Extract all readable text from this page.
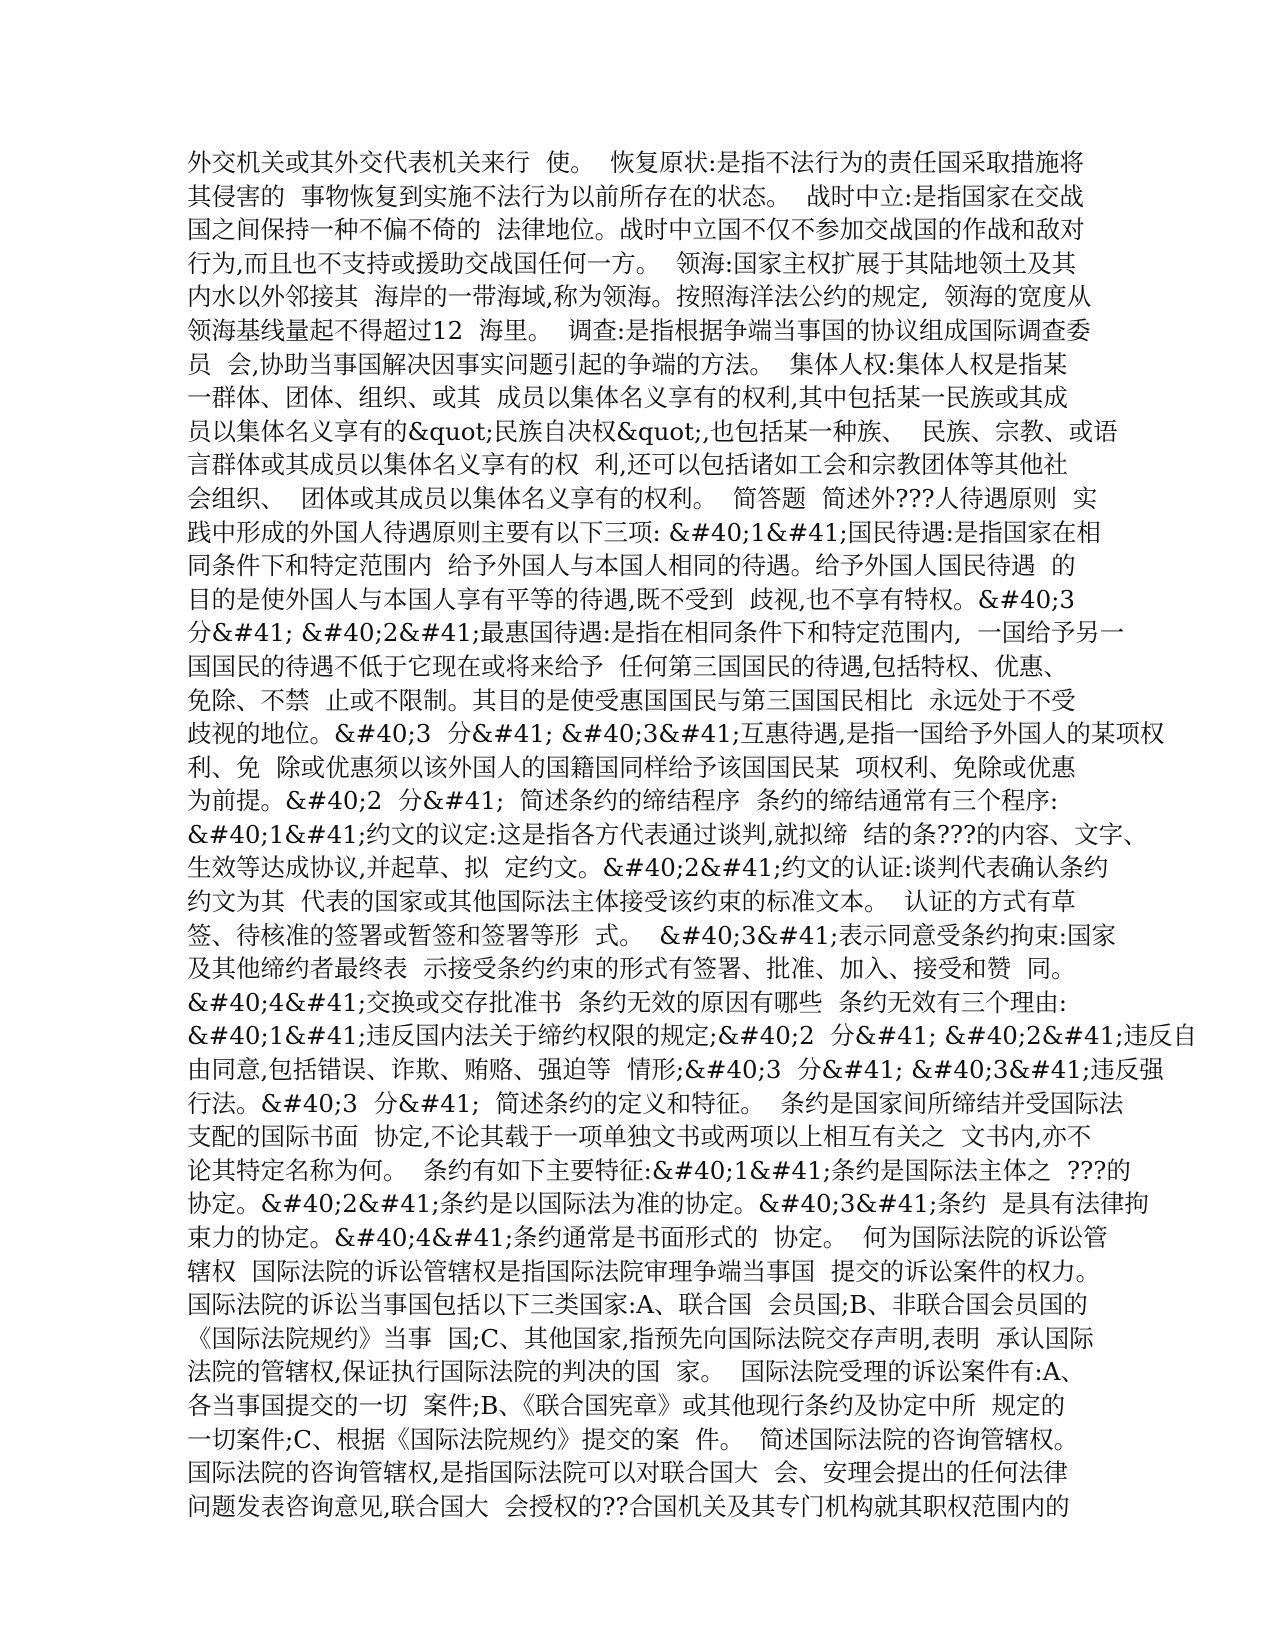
外交机关或其外交代表机关来行  使。  恢复原状:是指不法行为的责任国采取措施将
其侵害的  事物恢复到实施不法行为以前所存在的状态。  战时中立:是指国家在交战
国之间保持一种不偏不倚的  法律地位。战时中立国不仅不参加交战国的作战和敌对
行为,而且也不支持或援助交战国任何一方。  领海:国家主权扩展于其陆地领土及其
内水以外邻接其  海岸的一带海域,称为领海。按照海洋法公约的规定,  领海的宽度从
领海基线量起不得超过12  海里。  调查:是指根据争端当事国的协议组成国际调查委
员  会,协助当事国解决因事实问题引起的争端的方法。  集体人权:集体人权是指某
一群体、团体、组织、或其  成员以集体名义享有的权利,其中包括某一民族或其成
员以集体名义享有的&quot;民族自决权&quot;,也包括某一种族、  民族、宗教、或语
言群体或其成员以集体名义享有的权  利,还可以包括诸如工会和宗教团体等其他社
会组织、  团体或其成员以集体名义享有的权利。  简答题  简述外???人待遇原则  实
践中形成的外国人待遇原则主要有以下三项: &#40;1&#41;国民待遇:是指国家在相
同条件下和特定范围内  给予外国人与本国人相同的待遇。给予外国人国民待遇  的
目的是使外国人与本国人享有平等的待遇,既不受到  歧视,也不享有特权。&#40;3
分&#41; &#40;2&#41;最惠国待遇:是指在相同条件下和特定范围内,  一国给予另一
国国民的待遇不低于它现在或将来给予  任何第三国国民的待遇,包括特权、优惠、
免除、不禁  止或不限制。其目的是使受惠国国民与第三国国民相比  永远处于不受
歧视的地位。&#40;3  分&#41; &#40;3&#41;互惠待遇,是指一国给予外国人的某项权
利、免  除或优惠须以该外国人的国籍国同样给予该国国民某  项权利、免除或优惠
为前提。&#40;2  分&#41;  简述条约的缔结程序  条约的缔结通常有三个程序:
&#40;1&#41;约文的议定:这是指各方代表通过谈判,就拟缔  结的条???的内容、文字、
生效等达成协议,并起草、拟  定约文。&#40;2&#41;约文的认证:谈判代表确认条约
约文为其  代表的国家或其他国际法主体接受该约束的标准文本。  认证的方式有草
签、待核准的签署或暂签和签署等形  式。  &#40;3&#41;表示同意受条约拘束:国家
及其他缔约者最终表  示接受条约约束的形式有签署、批准、加入、接受和赞  同。
&#40;4&#41;交换或交存批准书  条约无效的原因有哪些  条约无效有三个理由:
&#40;1&#41;违反国内法关于缔约权限的规定;&#40;2  分&#41; &#40;2&#41;违反自
由同意,包括错误、诈欺、贿赂、强迫等  情形;&#40;3  分&#41; &#40;3&#41;违反强
行法。&#40;3  分&#41;  简述条约的定义和特征。  条约是国家间所缔结并受国际法
支配的国际书面  协定,不论其载于一项单独文书或两项以上相互有关之  文书内,亦不
论其特定名称为何。  条约有如下主要特征:&#40;1&#41;条约是国际法主体之  ???的
协定。&#40;2&#41;条约是以国际法为准的协定。&#40;3&#41;条约  是具有法律拘
束力的协定。&#40;4&#41;条约通常是书面形式的  协定。  何为国际法院的诉讼管
辖权  国际法院的诉讼管辖权是指国际法院审理争端当事国  提交的诉讼案件的权力。
国际法院的诉讼当事国包括以下三类国家:A、联合国  会员国;B、非联合国会员国的
《国际法院规约》当事  国;C、其他国家,指预先向国际法院交存声明,表明  承认国际
法院的管辖权,保证执行国际法院的判决的国  家。  国际法院受理的诉讼案件有:A、
各当事国提交的一切  案件;B、《联合国宪章》或其他现行条约及协定中所  规定的
一切案件;C、根据《国际法院规约》提交的案  件。  简述国际法院的咨询管辖权。
国际法院的咨询管辖权,是指国际法院可以对联合国大  会、安理会提出的任何法律
问题发表咨询意见,联合国大  会授权的??合国机关及其专门机构就其职权范围内的
